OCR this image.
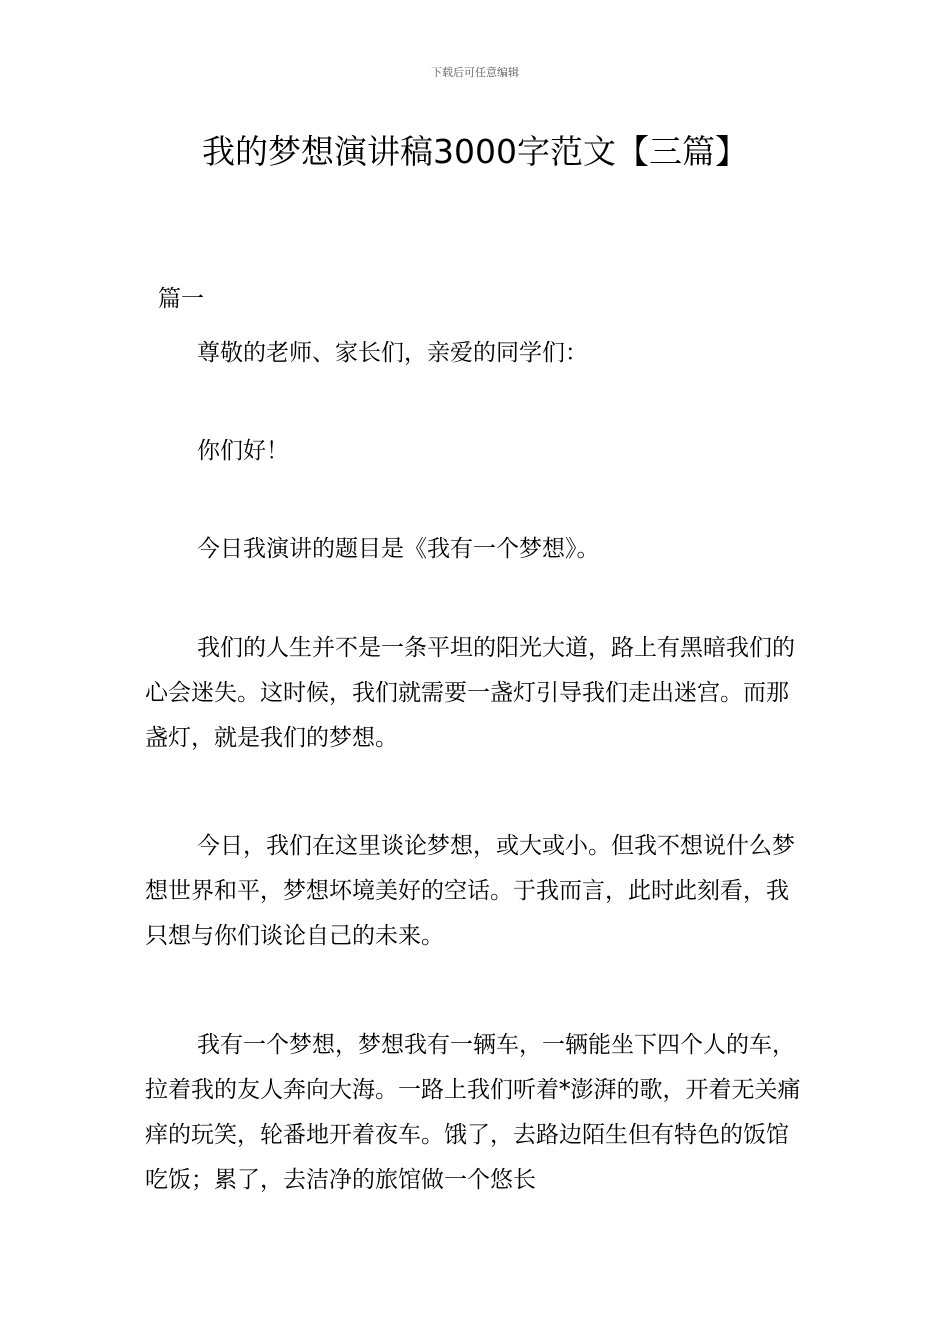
下载后可任意编辑
我的梦想演讲稿3000字范文【三篇】
篇一

尊敬的老师、家长们，亲爱的同学们：

你们好！

今日我演讲的题目是《我有一个梦想》。

我们的人生并不是一条平坦的阳光大道，路上有黑暗我们的心会迷失。这时候，我们就需要一盏灯引导我们走出迷宫。而那盏灯，就是我们的梦想。

今日，我们在这里谈论梦想，或大或小。但我不想说什么梦想世界和平，梦想坏境美好的空话。于我而言，此时此刻看，我只想与你们谈论自己的未来。

我有一个梦想，梦想我有一辆车，一辆能坐下四个人的车，拉着我的友人奔向大海。一路上我们听着*澎湃的歌，开着无关痛痒的玩笑，轮番地开着夜车。饿了，去路边陌生但有特色的饭馆吃饭；累了，去洁净的旅馆做一个悠长
